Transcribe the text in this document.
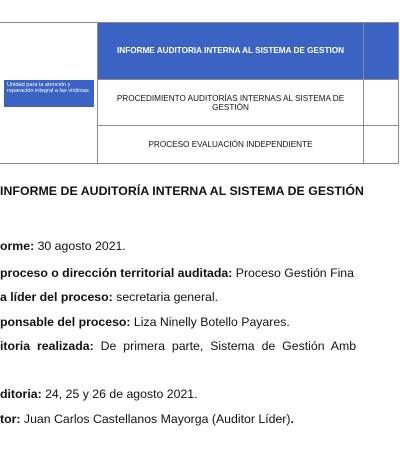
Unidad para la atención y reparación integral a las víctimas	INFORME AUDITORIA INTERNA AL SISTEMA DE GESTION	
	PROCEDIMIENTO AUDITORÍAS INTERNAS AL SISTEMA DE GESTIÓN	
	PROCESO EVALUACIÓN INDEPENDIENTE	
INFORME DE AUDITORÍA INTERNA AL SISTEMA DE GESTIÓN
orme: 30 agosto 2021.
proceso o dirección territorial auditada: Proceso Gestión Fina
a líder del proceso: secretaria general.
ponsable del proceso: Liza Ninelly Botello Payares.
itoria realizada: De primera parte, Sistema de Gestión Amb
ditoria: 24, 25 y 26 de agosto 2021.
tor: Juan Carlos Castellanos Mayorga (Auditor Líder).
